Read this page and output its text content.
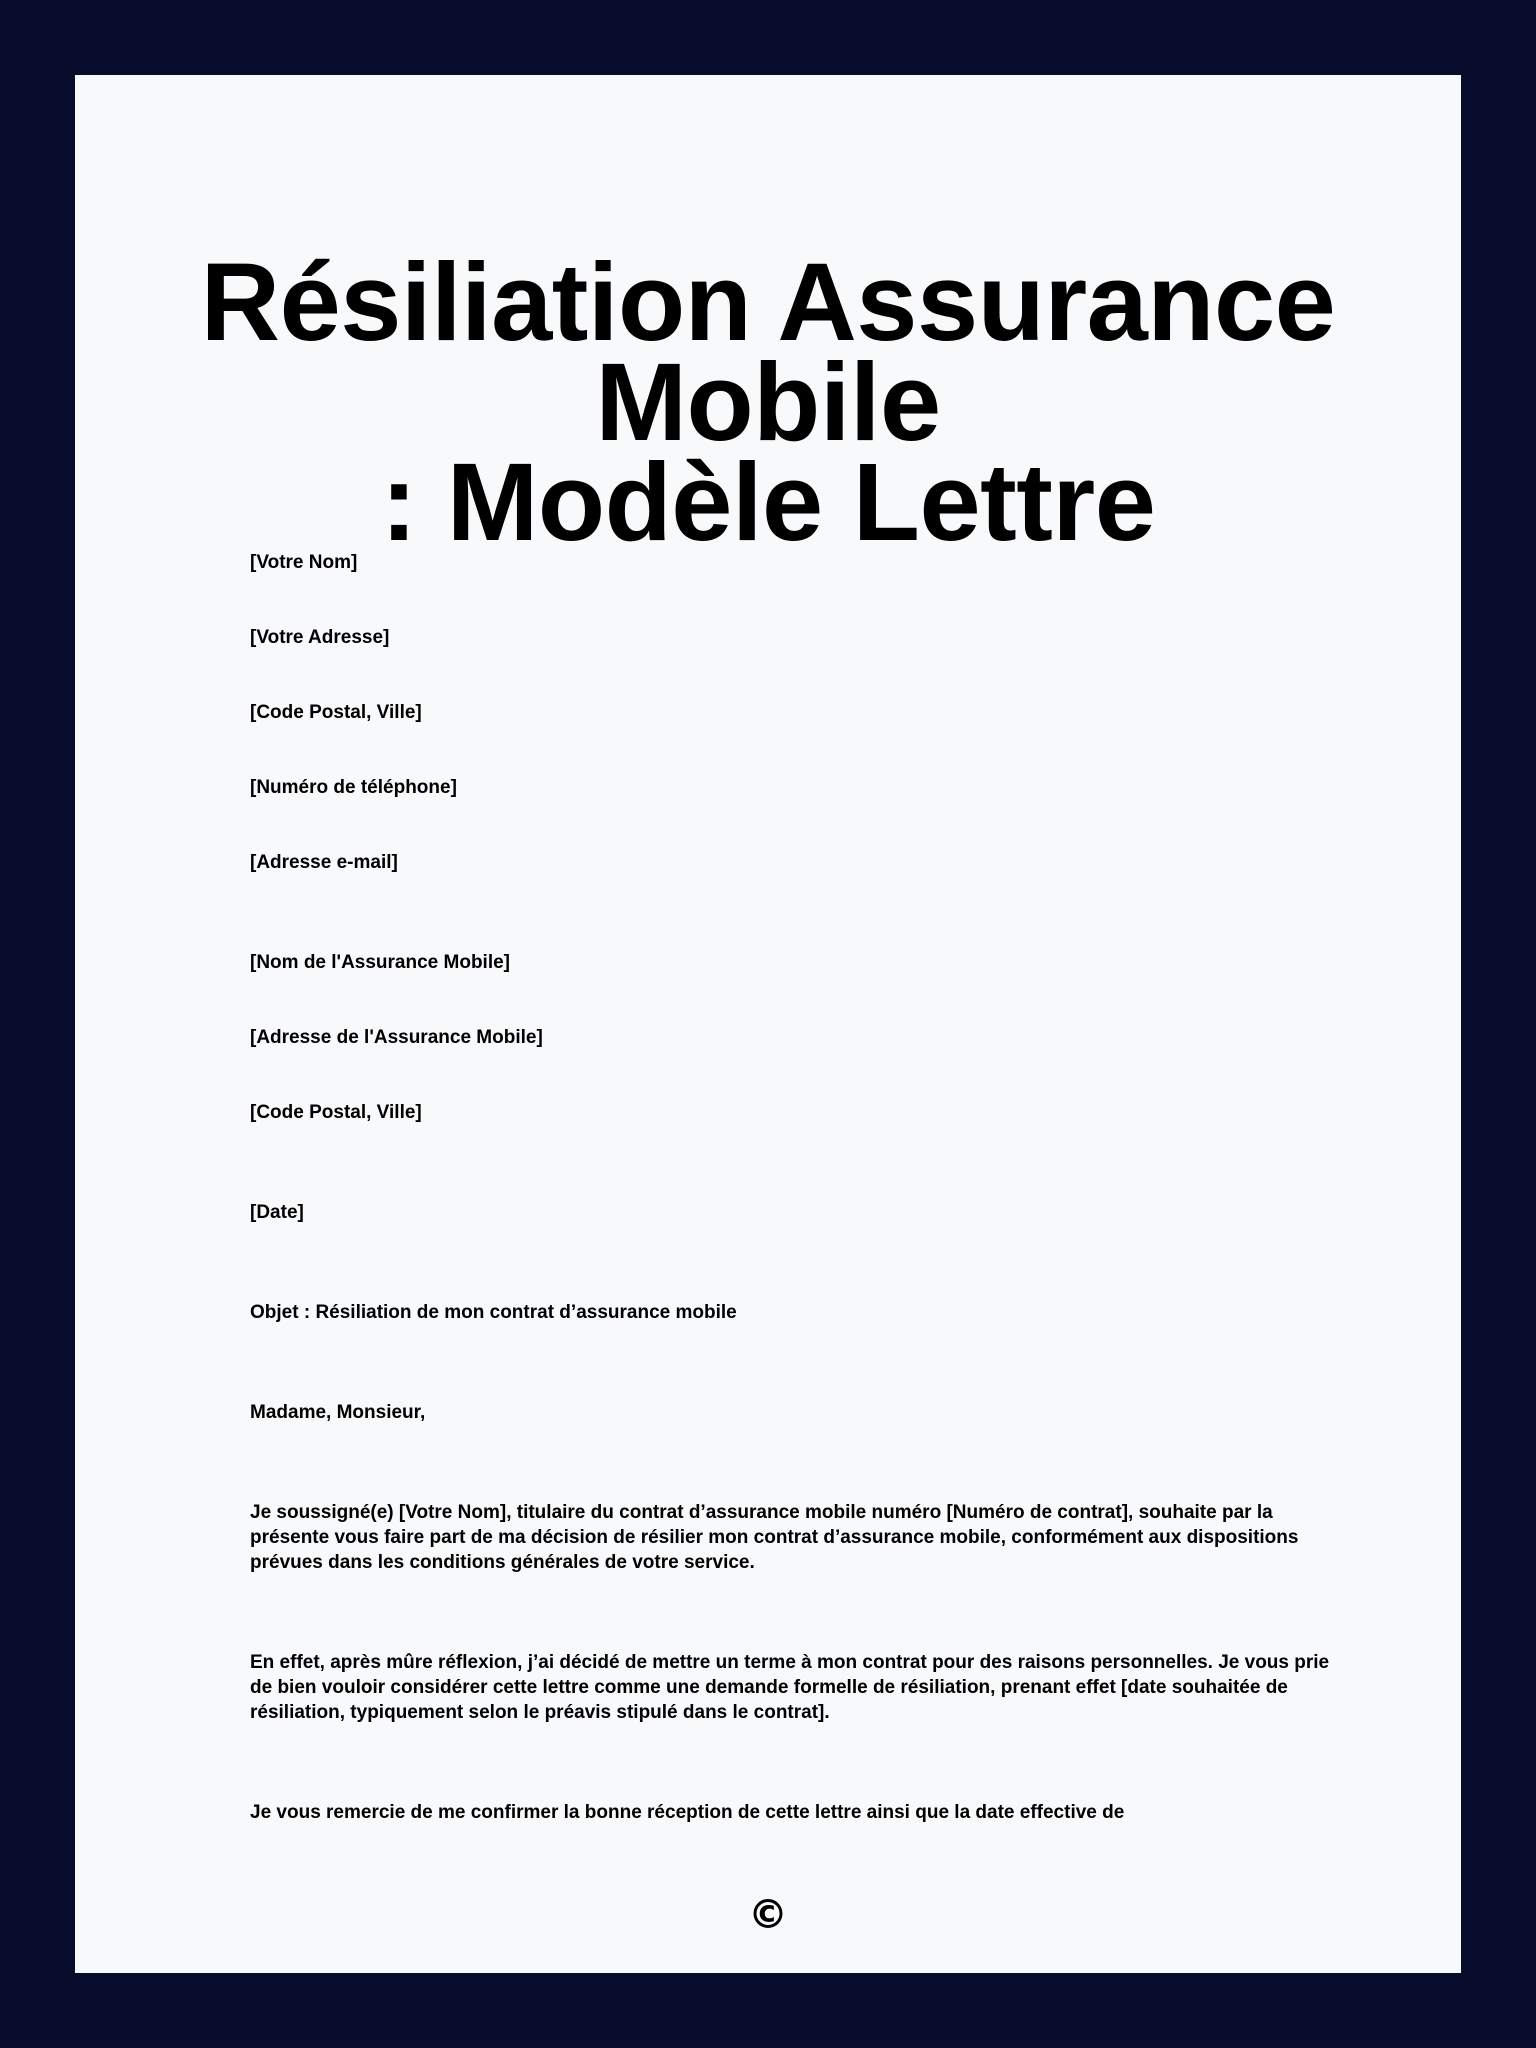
Résiliation Assurance Mobile
: Modèle Lettre

[Votre Nom]

[Votre Adresse]

[Code Postal, Ville]

[Numéro de téléphone]

[Adresse e-mail]

[Nom de l'Assurance Mobile]

[Adresse de l'Assurance Mobile]

[Code Postal, Ville]

[Date]

Objet : Résiliation de mon contrat d’assurance mobile

Madame, Monsieur,

Je soussigné(e) [Votre Nom], titulaire du contrat d’assurance mobile numéro [Numéro de contrat], souhaite par la présente vous faire part de ma décision de résilier mon contrat d’assurance mobile, conformément aux dispositions prévues dans les conditions générales de votre service.

En effet, après mûre réflexion, j’ai décidé de mettre un terme à mon contrat pour des raisons personnelles. Je vous prie de bien vouloir considérer cette lettre comme une demande formelle de résiliation, prenant effet [date souhaitée de résiliation, typiquement selon le préavis stipulé dans le contrat].

Je vous remercie de me confirmer la bonne réception de cette lettre ainsi que la date effective de

©
